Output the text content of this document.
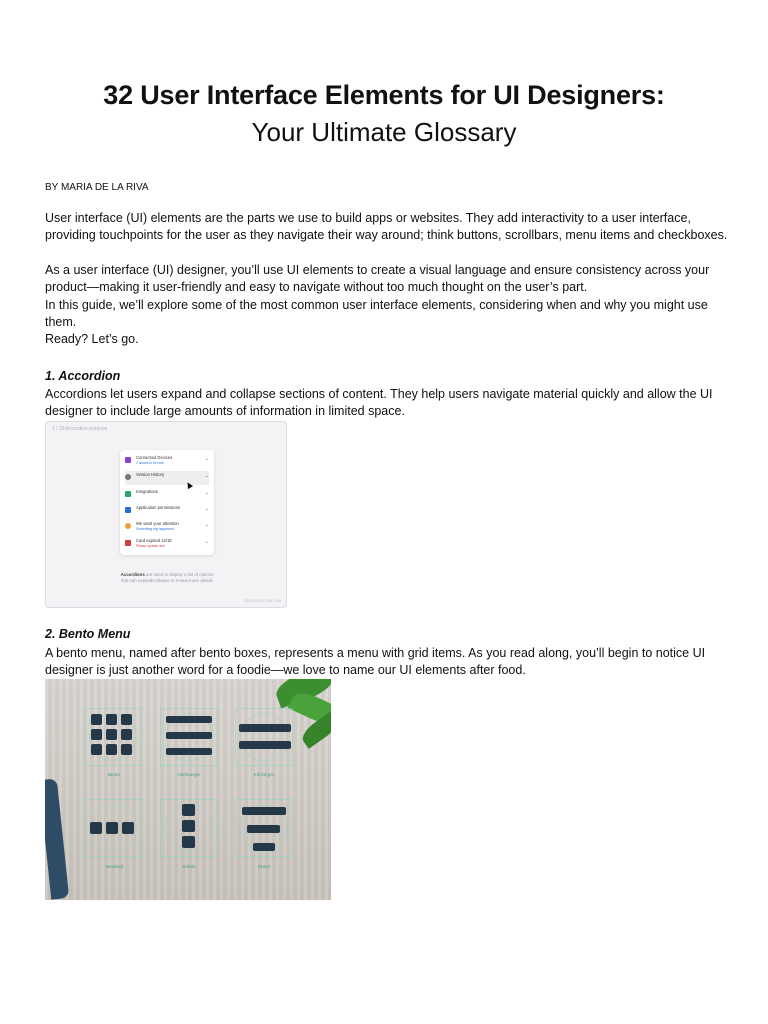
32 User Interface Elements for UI Designers:
Your Ultimate Glossary
BY MARIA DE LA RIVA

User interface (UI) elements are the parts we use to build apps or websites. They add interactivity to a user interface, providing touchpoints for the user as they navigate their way around; think buttons, scrollbars, menu items and checkboxes.

As a user interface (UI) designer, you’ll use UI elements to create a visual language and ensure consistency across your product—making it user-friendly and easy to navigate without too much thought on the user’s part.

In this guide, we’ll explore some of the most common user interface elements, considering when and why you might use them.

Ready? Let’s go.

1. Accordion

Accordions let users expand and collapse sections of content. They help users navigate material quickly and allow the UI designer to include large amounts of information in limited space.

1 / 18 Accordion purpose
Connected Devices
2 issues to fix now
⌄
Version History	⌄
Integrations	⌄
Application permissions	⌄
We want your attention
Something big happened
⌄
Card expired 12/18
Please update now
⌄
Accordions are used to display a list of options
that can expand/collapse to reveal more details
DESIGNSYSTEM.COM
2. Bento Menu

A bento menu, named after bento boxes, represents a menu with grid items. As you read along, you’ll begin to notice UI designer is just another word for a foodie—we love to name our UI elements after food.

Bento	Hamburger	Kill burger
Meatball	Kebab	Döner
